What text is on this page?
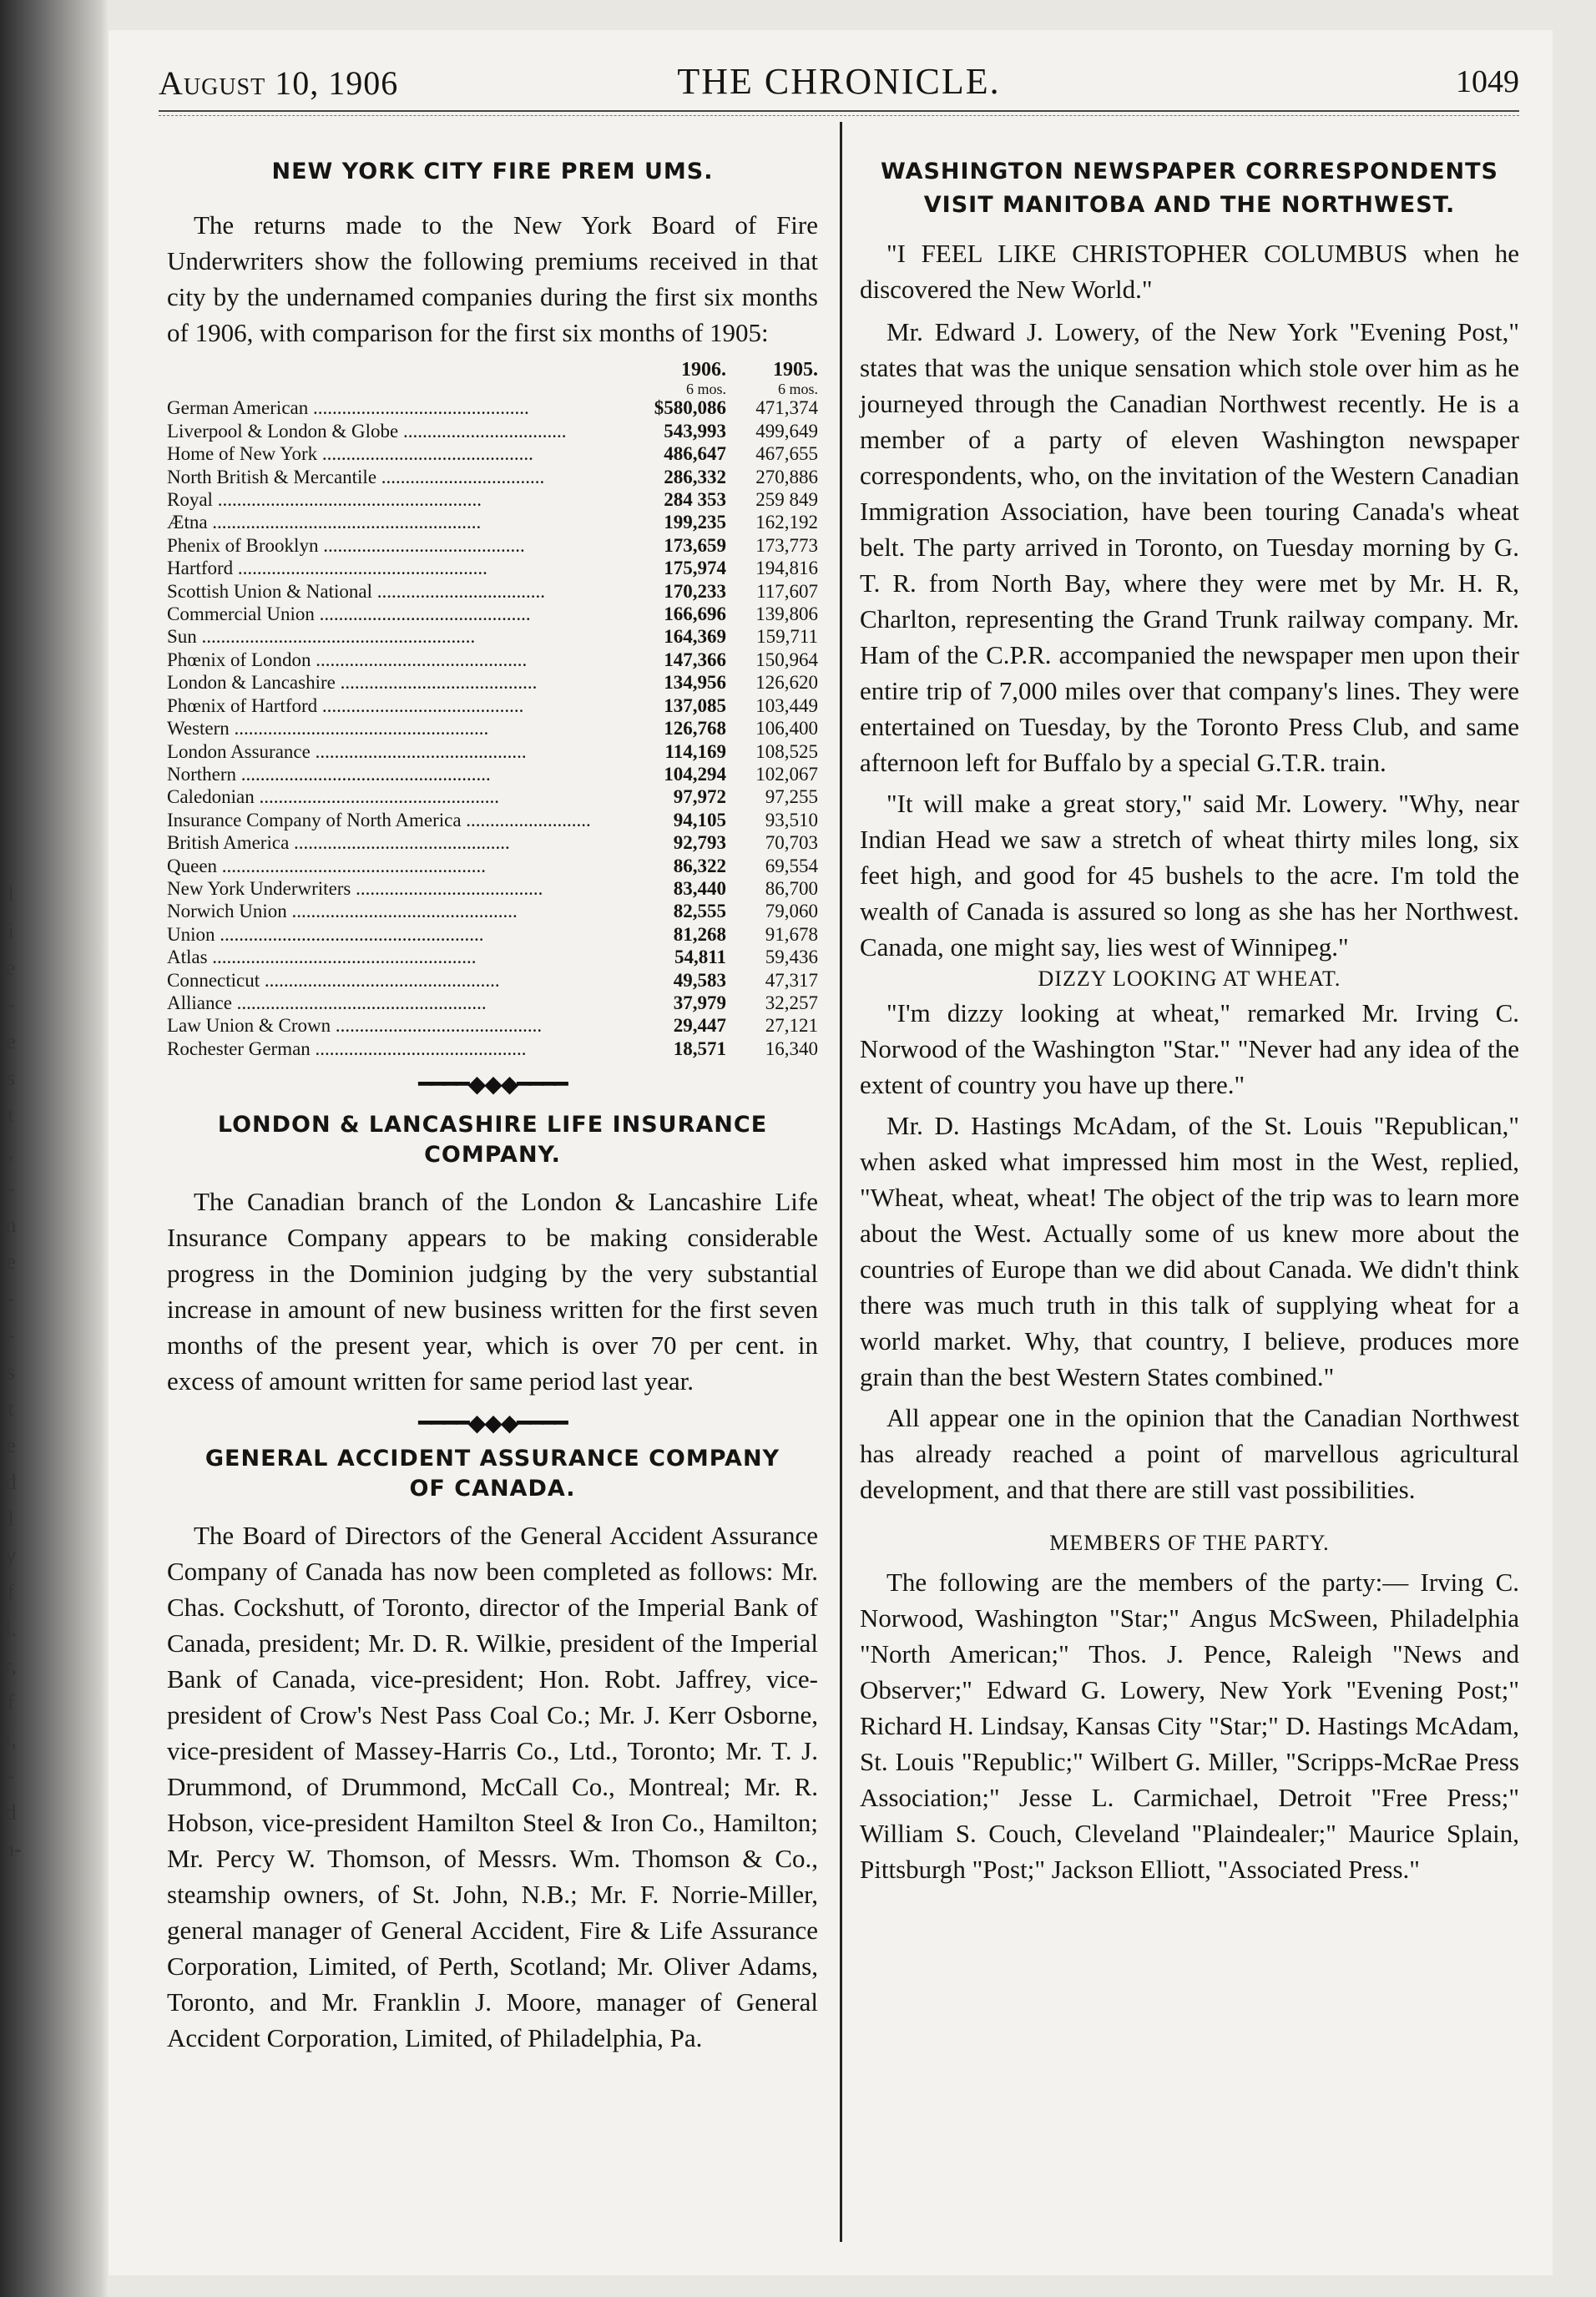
l
i
e
-
e
s
t
,
-
n
e
-
-
s
t
e
d
l
y
f
l.
r,
f
i,
-
d
n-
August 10, 1906	THE CHRONICLE.	1049
NEW YORK CITY FIRE PREM UMS.

The returns made to the New York Board of Fire Underwriters show the following premiums received in that city by the undernamed companies during the first six months of 1906, with comparison for the first six months of 1905:

	1906.	1905.
	6 mos.	6 mos.
German American .............................................	$580,086	471,374
Liverpool & London & Globe ..................................	543,993	499,649
Home of New York ............................................	486,647	467,655
North British & Mercantile ..................................	286,332	270,886
Royal .......................................................	284 353	259 849
Ætna ........................................................	199,235	162,192
Phenix of Brooklyn ..........................................	173,659	173,773
Hartford ....................................................	175,974	194,816
Scottish Union & National ...................................	170,233	117,607
Commercial Union ............................................	166,696	139,806
Sun .........................................................	164,369	159,711
Phœnix of London ............................................	147,366	150,964
London & Lancashire .........................................	134,956	126,620
Phœnix of Hartford ..........................................	137,085	103,449
Western .....................................................	126,768	106,400
London Assurance ............................................	114,169	108,525
Northern ....................................................	104,294	102,067
Caledonian ..................................................	97,972	97,255
Insurance Company of North America ..........................	94,105	93,510
British America .............................................	92,793	70,703
Queen .......................................................	86,322	69,554
New York Underwriters .......................................	83,440	86,700
Norwich Union ...............................................	82,555	79,060
Union .......................................................	81,268	91,678
Atlas .......................................................	54,811	59,436
Connecticut .................................................	49,583	47,317
Alliance ....................................................	37,979	32,257
Law Union & Crown ...........................................	29,447	27,121
Rochester German ............................................	18,571	16,340
━━━━◆◆◆━━━━
LONDON & LANCASHIRE LIFE INSURANCE
COMPANY.

The Canadian branch of the London & Lancashire Life Insurance Company appears to be making considerable progress in the Dominion judging by the very substantial increase in amount of new business written for the first seven months of the present year, which is over 70 per cent. in excess of amount written for same period last year.

━━━━◆◆◆━━━━
GENERAL ACCIDENT ASSURANCE COMPANY
OF CANADA.

The Board of Directors of the General Accident Assurance Company of Canada has now been completed as follows: Mr. Chas. Cockshutt, of Toronto, director of the Imperial Bank of Canada, president; Mr. D. R. Wilkie, president of the Imperial Bank of Canada, vice-president; Hon. Robt. Jaffrey, vice-president of Crow's Nest Pass Coal Co.; Mr. J. Kerr Osborne, vice-president of Massey-Harris Co., Ltd., Toronto; Mr. T. J. Drummond, of Drummond, McCall Co., Montreal; Mr. R. Hobson, vice-president Hamilton Steel & Iron Co., Hamilton; Mr. Percy W. Thomson, of Messrs. Wm. Thomson & Co., steamship owners, of St. John, N.B.; Mr. F. Norrie-Miller, general manager of General Accident, Fire & Life Assurance Corporation, Limited, of Perth, Scotland; Mr. Oliver Adams, Toronto, and Mr. Franklin J. Moore, manager of General Accident Corporation, Limited, of Philadelphia, Pa.

WASHINGTON NEWSPAPER CORRESPONDENTS
VISIT MANITOBA AND THE NORTHWEST.

"I FEEL LIKE CHRISTOPHER COLUMBUS when he discovered the New World."

Mr. Edward J. Lowery, of the New York "Evening Post," states that was the unique sensation which stole over him as he journeyed through the Canadian Northwest recently. He is a member of a party of eleven Washington newspaper correspondents, who, on the invitation of the Western Canadian Immigration Association, have been touring Canada's wheat belt. The party arrived in Toronto, on Tuesday morning by G. T. R. from North Bay, where they were met by Mr. H. R, Charlton, representing the Grand Trunk railway company. Mr. Ham of the C.P.R. accompanied the newspaper men upon their entire trip of 7,000 miles over that company's lines. They were entertained on Tuesday, by the Toronto Press Club, and same afternoon left for Buffalo by a special G.T.R. train.

"It will make a great story," said Mr. Lowery. "Why, near Indian Head we saw a stretch of wheat thirty miles long, six feet high, and good for 45 bushels to the acre. I'm told the wealth of Canada is assured so long as she has her Northwest. Canada, one might say, lies west of Winnipeg."

DIZZY LOOKING AT WHEAT.

"I'm dizzy looking at wheat," remarked Mr. Irving C. Norwood of the Washington "Star." "Never had any idea of the extent of country you have up there."

Mr. D. Hastings McAdam, of the St. Louis "Republican," when asked what impressed him most in the West, replied, "Wheat, wheat, wheat! The object of the trip was to learn more about the West. Actually some of us knew more about the countries of Europe than we did about Canada. We didn't think there was much truth in this talk of supplying wheat for a world market. Why, that country, I believe, produces more grain than the best Western States combined."

All appear one in the opinion that the Canadian Northwest has already reached a point of marvellous agricultural development, and that there are still vast possibilities.

MEMBERS OF THE PARTY.

The following are the members of the party:— Irving C. Norwood, Washington "Star;" Angus McSween, Philadelphia "North American;" Thos. J. Pence, Raleigh "News and Observer;" Edward G. Lowery, New York "Evening Post;" Richard H. Lindsay, Kansas City "Star;" D. Hastings McAdam, St. Louis "Republic;" Wilbert G. Miller, "Scripps-McRae Press Association;" Jesse L. Carmichael, Detroit "Free Press;" William S. Couch, Cleveland "Plaindealer;" Maurice Splain, Pittsburgh "Post;" Jackson Elliott, "Associated Press."
